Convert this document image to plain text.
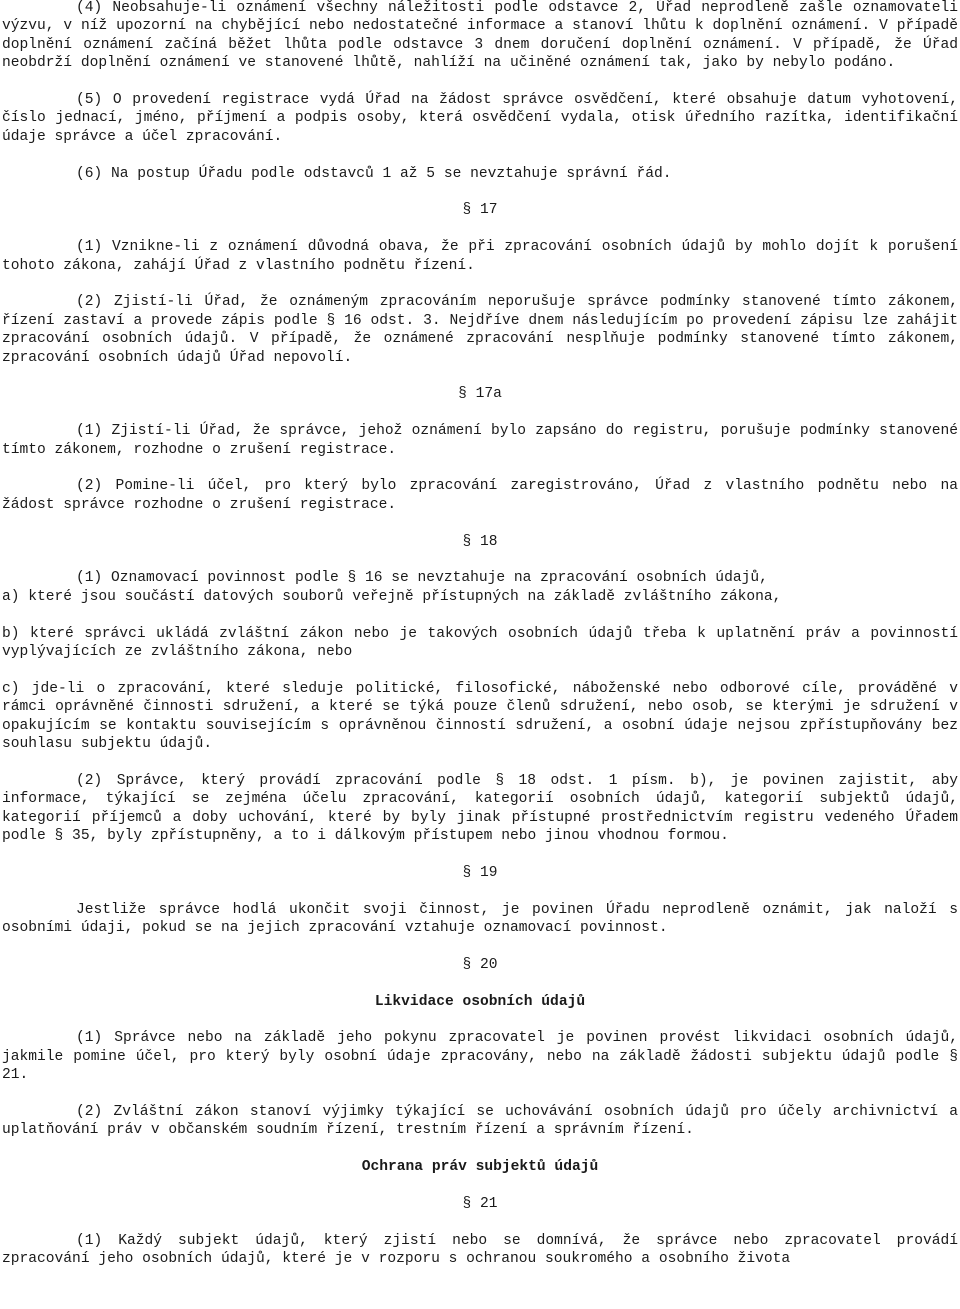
(4) Neobsahuje-li oznámení všechny náležitosti podle odstavce 2, Úřad neprodleně zašle oznamovateli výzvu, v níž upozorní na chybějící nebo nedostatečné informace a stanoví lhůtu k doplnění oznámení. V případě doplnění oznámení začíná běžet lhůta podle odstavce 3 dnem doručení doplnění oznámení. V případě, že Úřad neobdrží doplnění oznámení ve stanovené lhůtě, nahlíží na učiněné oznámení tak, jako by nebylo podáno.
(5) O provedení registrace vydá Úřad na žádost správce osvědčení, které obsahuje datum vyhotovení, číslo jednací, jméno, příjmení a podpis osoby, která osvědčení vydala, otisk úředního razítka, identifikační údaje správce a účel zpracování.
(6) Na postup Úřadu podle odstavců 1 až 5 se nevztahuje správní řád.
§ 17
(1) Vznikne-li z oznámení důvodná obava, že při zpracování osobních údajů by mohlo dojít k porušení tohoto zákona, zahájí Úřad z vlastního podnětu řízení.
(2) Zjistí-li Úřad, že oznámeným zpracováním neporušuje správce podmínky stanovené tímto zákonem, řízení zastaví a provede zápis podle § 16 odst. 3. Nejdříve dnem následujícím po provedení zápisu lze zahájit zpracování osobních údajů. V případě, že oznámené zpracování nesplňuje podmínky stanovené tímto zákonem, zpracování osobních údajů Úřad nepovolí.
§ 17a
(1) Zjistí-li Úřad, že správce, jehož oznámení bylo zapsáno do registru, porušuje podmínky stanovené tímto zákonem, rozhodne o zrušení registrace.
(2) Pomine-li účel, pro který bylo zpracování zaregistrováno, Úřad z vlastního podnětu nebo na žádost správce rozhodne o zrušení registrace.
§ 18
(1) Oznamovací povinnost podle § 16 se nevztahuje na zpracování osobních údajů,
a) které jsou součástí datových souborů veřejně přístupných na základě zvláštního zákona,
b) které správci ukládá zvláštní zákon nebo je takových osobních údajů třeba k uplatnění práv a povinností vyplývajících ze zvláštního zákona, nebo
c) jde-li o zpracování, které sleduje politické, filosofické, náboženské nebo odborové cíle, prováděné v rámci oprávněné činnosti sdružení, a které se týká pouze členů sdružení, nebo osob, se kterými je sdružení v opakujícím se kontaktu souvisejícím s oprávněnou činností sdružení, a osobní údaje nejsou zpřístupňovány bez souhlasu subjektu údajů.
(2) Správce, který provádí zpracování podle § 18 odst. 1 písm. b), je povinen zajistit, aby informace, týkající se zejména účelu zpracování, kategorií osobních údajů, kategorií subjektů údajů, kategorií příjemců a doby uchování, které by byly jinak přístupné prostřednictvím registru vedeného Úřadem podle § 35, byly zpřístupněny, a to i dálkovým přístupem nebo jinou vhodnou formou.
§ 19
Jestliže správce hodlá ukončit svoji činnost, je povinen Úřadu neprodleně oznámit, jak naloží s osobními údaji, pokud se na jejich zpracování vztahuje oznamovací povinnost.
§ 20
Likvidace osobních údajů
(1) Správce nebo na základě jeho pokynu zpracovatel je povinen provést likvidaci osobních údajů, jakmile pomine účel, pro který byly osobní údaje zpracovány, nebo na základě žádosti subjektu údajů podle § 21.
(2) Zvláštní zákon stanoví výjimky týkající se uchovávání osobních údajů pro účely archivnictví a uplatňování práv v občanském soudním řízení, trestním řízení a správním řízení.
Ochrana práv subjektů údajů
§ 21
(1) Každý subjekt údajů, který zjistí nebo se domnívá, že správce nebo zpracovatel provádí zpracování jeho osobních údajů, které je v rozporu s ochranou soukromého a osobního života
